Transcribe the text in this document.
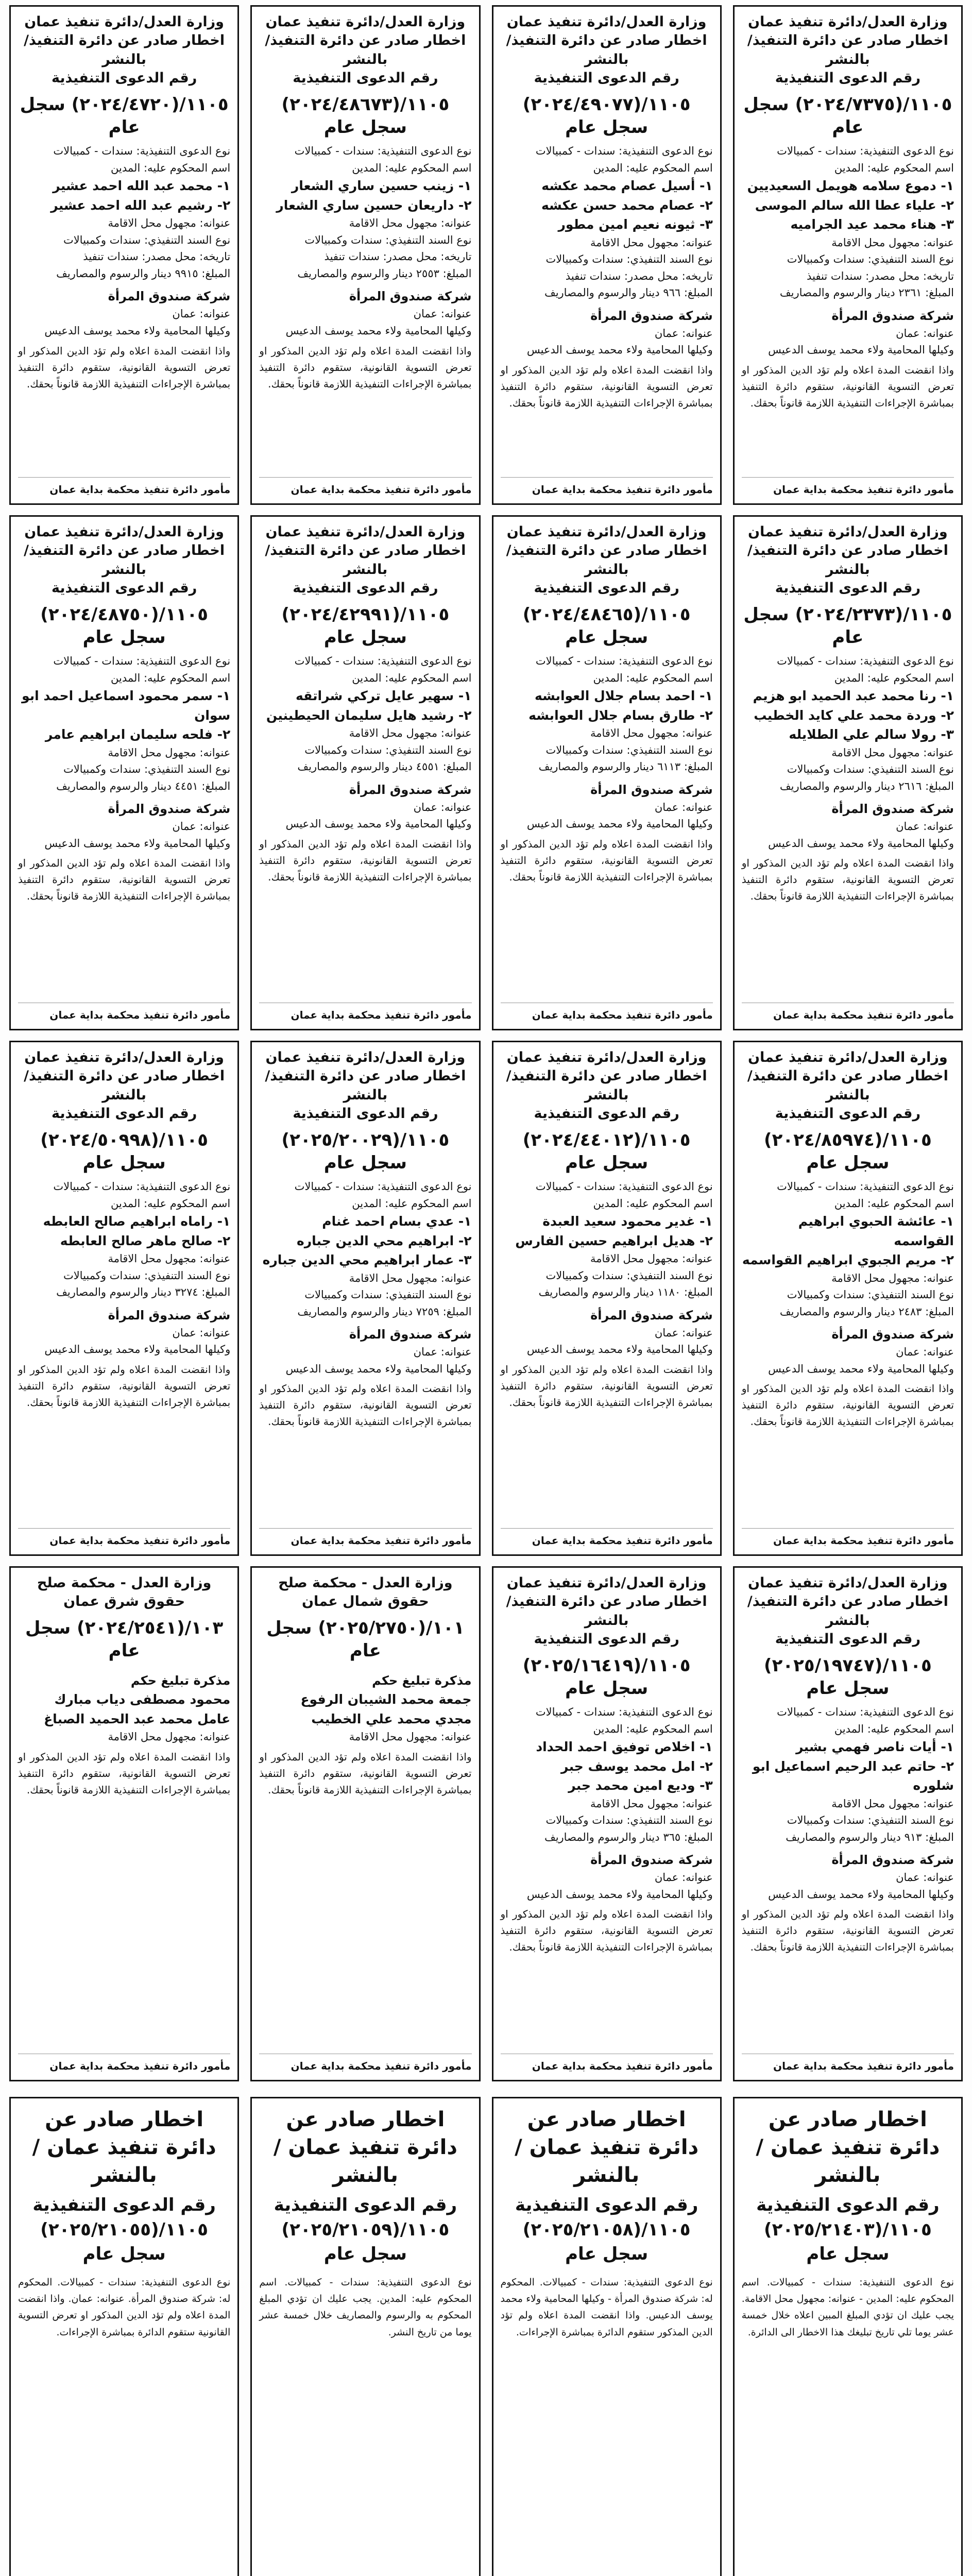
وزارة العدل/دائرة تنفيذ عمان
اخطار صادر عن دائرة التنفيذ/ بالنشر
رقم الدعوى التنفيذية
١١٠٥/(٢٠٢٤/٧٣٧٥) سجل عام
نوع الدعوى التنفيذية: سندات - كمبيالات
اسم المحكوم عليه: المدين
١- دموع سلامه هويمل السعيديين
٢- علياء عطا الله سالم الموسى
٣- هناء محمد عيد الجراميه
عنوانه: مجهول محل الاقامة
نوع السند التنفيذي: سندات وكمبيالات
تاريخه: محل مصدر: سندات تنفيذ
المبلغ: ٢٣٦١ دينار والرسوم والمصاريف
شركة صندوق المرأة
عنوانه: عمان
وكيلها المحامية ولاء محمد يوسف الدعيس
واذا انقضت المدة اعلاه ولم تؤد الدين المذكور او تعرض التسوية القانونية، ستقوم دائرة التنفيذ بمباشرة الإجراءات التنفيذية اللازمة قانوناً بحقك.
مأمور دائرة تنفيذ محكمة بداية عمان
وزارة العدل/دائرة تنفيذ عمان
اخطار صادر عن دائرة التنفيذ/ بالنشر
رقم الدعوى التنفيذية
١١٠٥/(٢٠٢٤/٤٩٠٧٧) سجل عام
نوع الدعوى التنفيذية: سندات - كمبيالات
اسم المحكوم عليه: المدين
١- أسيل عصام محمد عكشه
٢- عصام محمد حسن عكشه
٣- ثيونه نعيم امين مطور
عنوانه: مجهول محل الاقامة
نوع السند التنفيذي: سندات وكمبيالات
تاريخه: محل مصدر: سندات تنفيذ
المبلغ: ٩٦٦ دينار والرسوم والمصاريف
شركة صندوق المرأة
عنوانه: عمان
وكيلها المحامية ولاء محمد يوسف الدعيس
واذا انقضت المدة اعلاه ولم تؤد الدين المذكور او تعرض التسوية القانونية، ستقوم دائرة التنفيذ بمباشرة الإجراءات التنفيذية اللازمة قانوناً بحقك.
مأمور دائرة تنفيذ محكمة بداية عمان
وزارة العدل/دائرة تنفيذ عمان
اخطار صادر عن دائرة التنفيذ/ بالنشر
رقم الدعوى التنفيذية
١١٠٥/(٢٠٢٤/٤٨٦٧٣) سجل عام
نوع الدعوى التنفيذية: سندات - كمبيالات
اسم المحكوم عليه: المدين
١- زينب حسين ساري الشعار
٢- داريعان حسين ساري الشعار
عنوانه: مجهول محل الاقامة
نوع السند التنفيذي: سندات وكمبيالات
تاريخه: محل مصدر: سندات تنفيذ
المبلغ: ٢٥٥٣ دينار والرسوم والمصاريف
شركة صندوق المرأة
عنوانه: عمان
وكيلها المحامية ولاء محمد يوسف الدعيس
واذا انقضت المدة اعلاه ولم تؤد الدين المذكور او تعرض التسوية القانونية، ستقوم دائرة التنفيذ بمباشرة الإجراءات التنفيذية اللازمة قانوناً بحقك.
مأمور دائرة تنفيذ محكمة بداية عمان
وزارة العدل/دائرة تنفيذ عمان
اخطار صادر عن دائرة التنفيذ/ بالنشر
رقم الدعوى التنفيذية
١١٠٥/(٢٠٢٤/٤٧٢٠) سجل عام
نوع الدعوى التنفيذية: سندات - كمبيالات
اسم المحكوم عليه: المدين
١- محمد عبد الله احمد عشير
٢- رشيم عبد الله احمد عشير
عنوانه: مجهول محل الاقامة
نوع السند التنفيذي: سندات وكمبيالات
تاريخه: محل مصدر: سندات تنفيذ
المبلغ: ٩٩١٥ دينار والرسوم والمصاريف
شركة صندوق المرأة
عنوانه: عمان
وكيلها المحامية ولاء محمد يوسف الدعيس
واذا انقضت المدة اعلاه ولم تؤد الدين المذكور او تعرض التسوية القانونية، ستقوم دائرة التنفيذ بمباشرة الإجراءات التنفيذية اللازمة قانوناً بحقك.
مأمور دائرة تنفيذ محكمة بداية عمان
وزارة العدل/دائرة تنفيذ عمان
اخطار صادر عن دائرة التنفيذ/ بالنشر
رقم الدعوى التنفيذية
١١٠٥/(٢٠٢٤/٢٣٧٣) سجل عام
نوع الدعوى التنفيذية: سندات - كمبيالات
اسم المحكوم عليه: المدين
١- رنا محمد عبد الحميد ابو هزيم
٢- وردة محمد علي كايد الخطيب
٣- رولا سالم علي الطلايله
عنوانه: مجهول محل الاقامة
نوع السند التنفيذي: سندات وكمبيالات
المبلغ: ٢٦١٦ دينار والرسوم والمصاريف
شركة صندوق المرأة
عنوانه: عمان
وكيلها المحامية ولاء محمد يوسف الدعيس
واذا انقضت المدة اعلاه ولم تؤد الدين المذكور او تعرض التسوية القانونية، ستقوم دائرة التنفيذ بمباشرة الإجراءات التنفيذية اللازمة قانوناً بحقك.
مأمور دائرة تنفيذ محكمة بداية عمان
وزارة العدل/دائرة تنفيذ عمان
اخطار صادر عن دائرة التنفيذ/ بالنشر
رقم الدعوى التنفيذية
١١٠٥/(٢٠٢٤/٤٨٤٦٥) سجل عام
نوع الدعوى التنفيذية: سندات - كمبيالات
اسم المحكوم عليه: المدين
١- احمد بسام جلال العوابشه
٢- طارق بسام جلال العوابشه
عنوانه: مجهول محل الاقامة
نوع السند التنفيذي: سندات وكمبيالات
المبلغ: ٦١١٣ دينار والرسوم والمصاريف
شركة صندوق المرأة
عنوانه: عمان
وكيلها المحامية ولاء محمد يوسف الدعيس
واذا انقضت المدة اعلاه ولم تؤد الدين المذكور او تعرض التسوية القانونية، ستقوم دائرة التنفيذ بمباشرة الإجراءات التنفيذية اللازمة قانوناً بحقك.
مأمور دائرة تنفيذ محكمة بداية عمان
وزارة العدل/دائرة تنفيذ عمان
اخطار صادر عن دائرة التنفيذ/ بالنشر
رقم الدعوى التنفيذية
١١٠٥/(٢٠٢٤/٤٢٩٩١) سجل عام
نوع الدعوى التنفيذية: سندات - كمبيالات
اسم المحكوم عليه: المدين
١- سهير عايل تركي شراتقه
٢- رشيد هايل سليمان الحيطينين
عنوانه: مجهول محل الاقامة
نوع السند التنفيذي: سندات وكمبيالات
المبلغ: ٤٥٥١ دينار والرسوم والمصاريف
شركة صندوق المرأة
عنوانه: عمان
وكيلها المحامية ولاء محمد يوسف الدعيس
واذا انقضت المدة اعلاه ولم تؤد الدين المذكور او تعرض التسوية القانونية، ستقوم دائرة التنفيذ بمباشرة الإجراءات التنفيذية اللازمة قانوناً بحقك.
مأمور دائرة تنفيذ محكمة بداية عمان
وزارة العدل/دائرة تنفيذ عمان
اخطار صادر عن دائرة التنفيذ/ بالنشر
رقم الدعوى التنفيذية
١١٠٥/(٢٠٢٤/٤٨٧٥٠) سجل عام
نوع الدعوى التنفيذية: سندات - كمبيالات
اسم المحكوم عليه: المدين
١- سمر محمود اسماعيل احمد ابو سوان
٢- فلحه سليمان ابراهيم عامر
عنوانه: مجهول محل الاقامة
نوع السند التنفيذي: سندات وكمبيالات
المبلغ: ٤٤٥١ دينار والرسوم والمصاريف
شركة صندوق المرأة
عنوانه: عمان
وكيلها المحامية ولاء محمد يوسف الدعيس
واذا انقضت المدة اعلاه ولم تؤد الدين المذكور او تعرض التسوية القانونية، ستقوم دائرة التنفيذ بمباشرة الإجراءات التنفيذية اللازمة قانوناً بحقك.
مأمور دائرة تنفيذ محكمة بداية عمان
وزارة العدل/دائرة تنفيذ عمان
اخطار صادر عن دائرة التنفيذ/ بالنشر
رقم الدعوى التنفيذية
١١٠٥/(٢٠٢٤/٨٥٩٧٤) سجل عام
نوع الدعوى التنفيذية: سندات - كمبيالات
اسم المحكوم عليه: المدين
١- عائشة الحبوي ابراهيم القواسمه
٢- مريم الجبوي ابراهيم القواسمه
عنوانه: مجهول محل الاقامة
نوع السند التنفيذي: سندات وكمبيالات
المبلغ: ٢٤٨٣ دينار والرسوم والمصاريف
شركة صندوق المرأة
عنوانه: عمان
وكيلها المحامية ولاء محمد يوسف الدعيس
واذا انقضت المدة اعلاه ولم تؤد الدين المذكور او تعرض التسوية القانونية، ستقوم دائرة التنفيذ بمباشرة الإجراءات التنفيذية اللازمة قانوناً بحقك.
مأمور دائرة تنفيذ محكمة بداية عمان
وزارة العدل/دائرة تنفيذ عمان
اخطار صادر عن دائرة التنفيذ/ بالنشر
رقم الدعوى التنفيذية
١١٠٥/(٢٠٢٤/٤٤٠١٢) سجل عام
نوع الدعوى التنفيذية: سندات - كمبيالات
اسم المحكوم عليه: المدين
١- غدير محمود سعيد العبدة
٢- هديل ابراهيم حسين الفارس
عنوانه: مجهول محل الاقامة
نوع السند التنفيذي: سندات وكمبيالات
المبلغ: ١١٨٠ دينار والرسوم والمصاريف
شركة صندوق المرأة
عنوانه: عمان
وكيلها المحامية ولاء محمد يوسف الدعيس
واذا انقضت المدة اعلاه ولم تؤد الدين المذكور او تعرض التسوية القانونية، ستقوم دائرة التنفيذ بمباشرة الإجراءات التنفيذية اللازمة قانوناً بحقك.
مأمور دائرة تنفيذ محكمة بداية عمان
وزارة العدل/دائرة تنفيذ عمان
اخطار صادر عن دائرة التنفيذ/ بالنشر
رقم الدعوى التنفيذية
١١٠٥/(٢٠٢٥/٢٠٠٢٩) سجل عام
نوع الدعوى التنفيذية: سندات - كمبيالات
اسم المحكوم عليه: المدين
١- عدي بسام احمد غنام
٢- ابراهيم محي الدين جباره
٣- عمار ابراهيم محي الدين جباره
عنوانه: مجهول محل الاقامة
نوع السند التنفيذي: سندات وكمبيالات
المبلغ: ٧٢٥٩ دينار والرسوم والمصاريف
شركة صندوق المرأة
عنوانه: عمان
وكيلها المحامية ولاء محمد يوسف الدعيس
واذا انقضت المدة اعلاه ولم تؤد الدين المذكور او تعرض التسوية القانونية، ستقوم دائرة التنفيذ بمباشرة الإجراءات التنفيذية اللازمة قانوناً بحقك.
مأمور دائرة تنفيذ محكمة بداية عمان
وزارة العدل/دائرة تنفيذ عمان
اخطار صادر عن دائرة التنفيذ/ بالنشر
رقم الدعوى التنفيذية
١١٠٥/(٢٠٢٤/٥٠٩٩٨) سجل عام
نوع الدعوى التنفيذية: سندات - كمبيالات
اسم المحكوم عليه: المدين
١- راماه ابراهيم صالح العابطه
٢- صالح ماهر صالح العابطه
عنوانه: مجهول محل الاقامة
نوع السند التنفيذي: سندات وكمبيالات
المبلغ: ٣٢٧٤ دينار والرسوم والمصاريف
شركة صندوق المرأة
عنوانه: عمان
وكيلها المحامية ولاء محمد يوسف الدعيس
واذا انقضت المدة اعلاه ولم تؤد الدين المذكور او تعرض التسوية القانونية، ستقوم دائرة التنفيذ بمباشرة الإجراءات التنفيذية اللازمة قانوناً بحقك.
مأمور دائرة تنفيذ محكمة بداية عمان
وزارة العدل/دائرة تنفيذ عمان
اخطار صادر عن دائرة التنفيذ/ بالنشر
رقم الدعوى التنفيذية
١١٠٥/(٢٠٢٥/١٩٧٤٧) سجل عام
نوع الدعوى التنفيذية: سندات - كمبيالات
اسم المحكوم عليه: المدين
١- أيات ناصر فهمي بشير
٢- حاتم عبد الرحيم اسماعيل ابو شلوره
عنوانه: مجهول محل الاقامة
نوع السند التنفيذي: سندات وكمبيالات
المبلغ: ٩١٣ دينار والرسوم والمصاريف
شركة صندوق المرأة
عنوانه: عمان
وكيلها المحامية ولاء محمد يوسف الدعيس
واذا انقضت المدة اعلاه ولم تؤد الدين المذكور او تعرض التسوية القانونية، ستقوم دائرة التنفيذ بمباشرة الإجراءات التنفيذية اللازمة قانوناً بحقك.
مأمور دائرة تنفيذ محكمة بداية عمان
وزارة العدل/دائرة تنفيذ عمان
اخطار صادر عن دائرة التنفيذ/ بالنشر
رقم الدعوى التنفيذية
١١٠٥/(٢٠٢٥/١٦٤١٩) سجل عام
نوع الدعوى التنفيذية: سندات - كمبيالات
اسم المحكوم عليه: المدين
١- اخلاص توفيق احمد الحداد
٢- امل محمد يوسف جبر
٣- وديع امين محمد جبر
عنوانه: مجهول محل الاقامة
نوع السند التنفيذي: سندات وكمبيالات
المبلغ: ٣٦٥ دينار والرسوم والمصاريف
شركة صندوق المرأة
عنوانه: عمان
وكيلها المحامية ولاء محمد يوسف الدعيس
واذا انقضت المدة اعلاه ولم تؤد الدين المذكور او تعرض التسوية القانونية، ستقوم دائرة التنفيذ بمباشرة الإجراءات التنفيذية اللازمة قانوناً بحقك.
مأمور دائرة تنفيذ محكمة بداية عمان
وزارة العدل - محكمة صلح حقوق شمال عمان
١٠١/(٢٠٢٥/٢٧٥٠) سجل عام
مذكرة تبليغ حكم
جمعة محمد الشيبان الرفوع
مجدي محمد علي الخطيب
عنوانه: مجهول محل الاقامة
واذا انقضت المدة اعلاه ولم تؤد الدين المذكور او تعرض التسوية القانونية، ستقوم دائرة التنفيذ بمباشرة الإجراءات التنفيذية اللازمة قانوناً بحقك.
مأمور دائرة تنفيذ محكمة بداية عمان
وزارة العدل - محكمة صلح حقوق شرق عمان
١٠٣/(٢٠٢٤/٢٥٤١) سجل عام
مذكرة تبليغ حكم
محمود مصطفى دياب مبارك
عامل محمد عبد الحميد الصباغ
عنوانه: مجهول محل الاقامة
واذا انقضت المدة اعلاه ولم تؤد الدين المذكور او تعرض التسوية القانونية، ستقوم دائرة التنفيذ بمباشرة الإجراءات التنفيذية اللازمة قانوناً بحقك.
مأمور دائرة تنفيذ محكمة بداية عمان
اخطار صادر عن دائرة تنفيذ عمان / بالنشر
رقم الدعوى التنفيذية ١١٠٥/(٢٠٢٥/٢١٤٠٣) سجل عام
نوع الدعوى التنفيذية: سندات - كمبيالات. اسم المحكوم عليه: المدين - عنوانه: مجهول محل الاقامة. يجب عليك ان تؤدي المبلغ المبين اعلاه خلال خمسة عشر يوما تلي تاريخ تبليغك هذا الاخطار الى الدائرة.
اخطار صادر عن دائرة تنفيذ عمان / بالنشر
رقم الدعوى التنفيذية ١١٠٥/(٢٠٢٥/٢١٠٥٨) سجل عام
نوع الدعوى التنفيذية: سندات - كمبيالات. المحكوم له: شركة صندوق المرأة - وكيلها المحامية ولاء محمد يوسف الدعيس. واذا انقضت المدة اعلاه ولم تؤد الدين المذكور ستقوم الدائرة بمباشرة الإجراءات.
اخطار صادر عن دائرة تنفيذ عمان / بالنشر
رقم الدعوى التنفيذية ١١٠٥/(٢٠٢٥/٢١٠٥٩) سجل عام
نوع الدعوى التنفيذية: سندات - كمبيالات. اسم المحكوم عليه: المدين. يجب عليك ان تؤدي المبلغ المحكوم به والرسوم والمصاريف خلال خمسة عشر يوما من تاريخ النشر.
اخطار صادر عن دائرة تنفيذ عمان / بالنشر
رقم الدعوى التنفيذية ١١٠٥/(٢٠٢٥/٢١٠٥٥) سجل عام
نوع الدعوى التنفيذية: سندات - كمبيالات. المحكوم له: شركة صندوق المرأة. عنوانه: عمان. واذا انقضت المدة اعلاه ولم تؤد الدين المذكور او تعرض التسوية القانونية ستقوم الدائرة بمباشرة الإجراءات.
